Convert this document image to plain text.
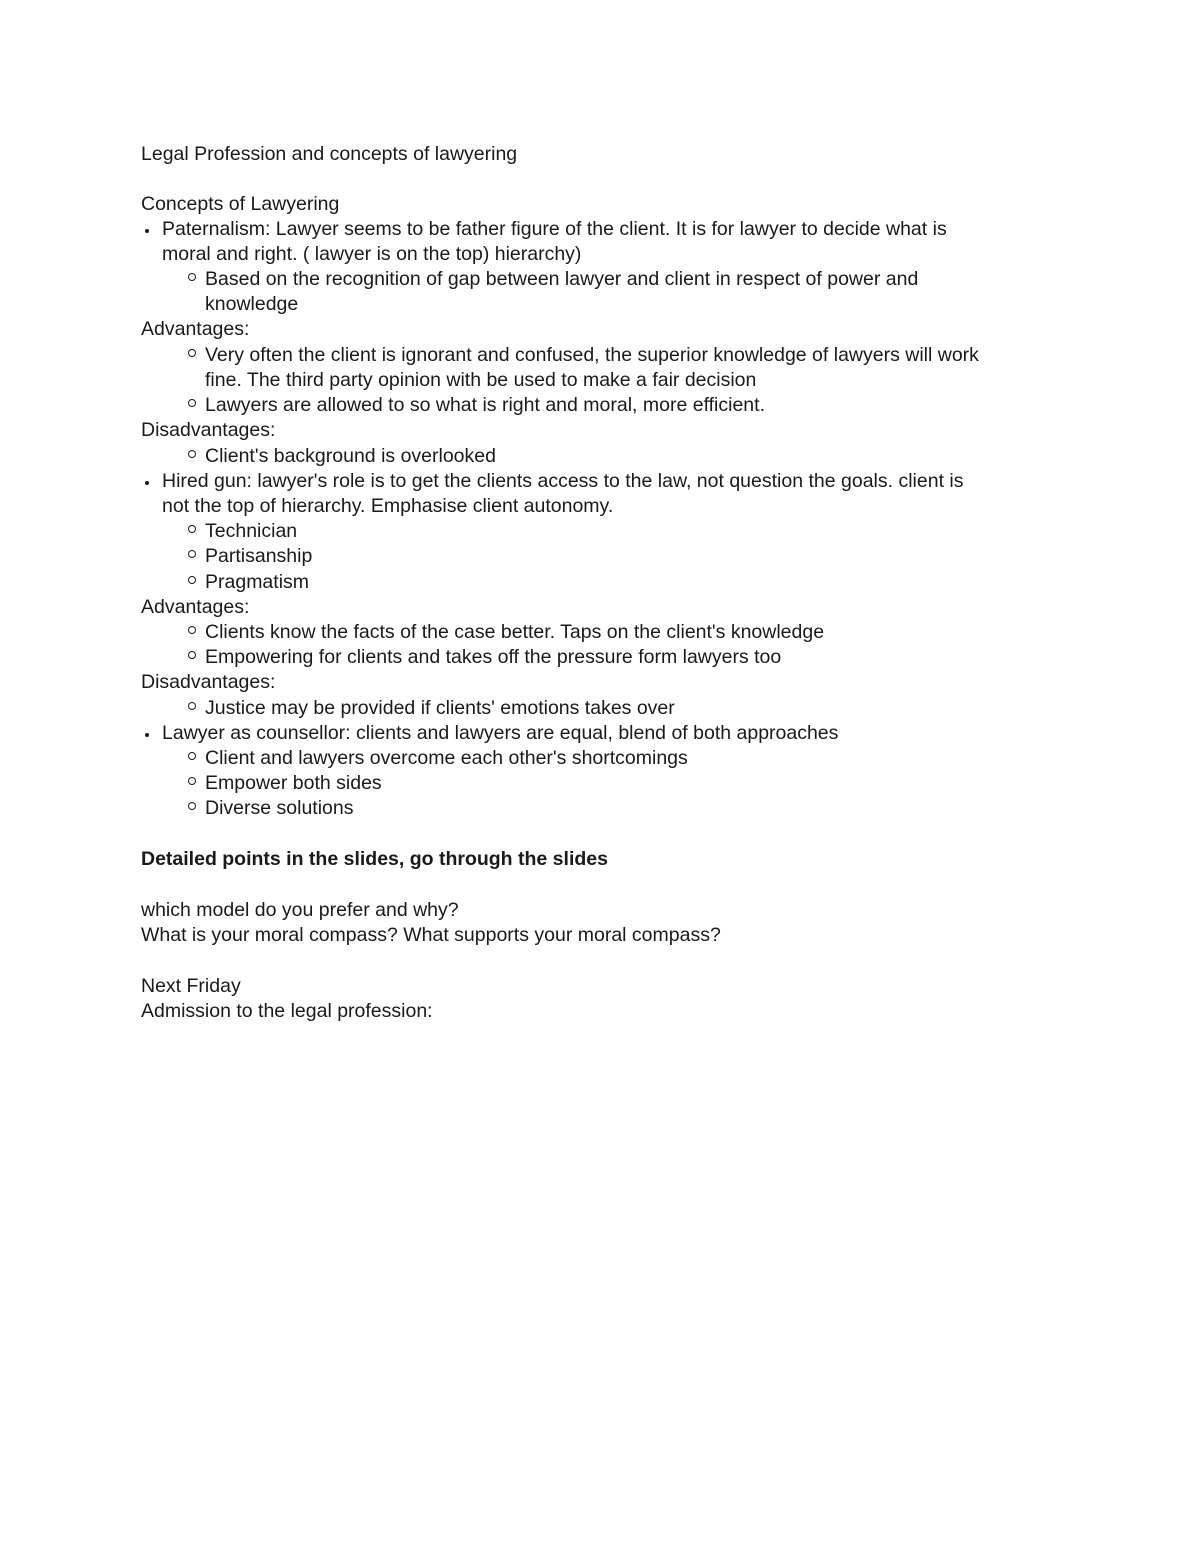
Legal Profession and concepts of lawyering
Concepts of Lawyering
Paternalism: Lawyer seems to be father figure of the client. It is for lawyer to decide what is
moral and right. ( lawyer is on the top) hierarchy)
Based on the recognition of gap between lawyer and client in respect of power and
knowledge
Advantages:
Very often the client is ignorant and confused, the superior knowledge of lawyers will work
fine. The third party opinion with be used to make a fair decision
Lawyers are allowed to so what is right and moral, more efficient.
Disadvantages:
Client's background is overlooked
Hired gun: lawyer's role is to get the clients access to the law, not question the goals. client is
not the top of hierarchy. Emphasise client autonomy.
Technician
Partisanship
Pragmatism
Advantages:
Clients know the facts of the case better. Taps on the client's knowledge
Empowering for clients and takes off the pressure form lawyers too
Disadvantages:
Justice may be provided if clients' emotions takes over
Lawyer as counsellor: clients and lawyers are equal, blend of both approaches
Client and lawyers overcome each other's shortcomings
Empower both sides
Diverse solutions
Detailed points in the slides, go through the slides
which model do you prefer and why?
What is your moral compass? What supports your moral compass?
Next Friday
Admission to the legal profession:
